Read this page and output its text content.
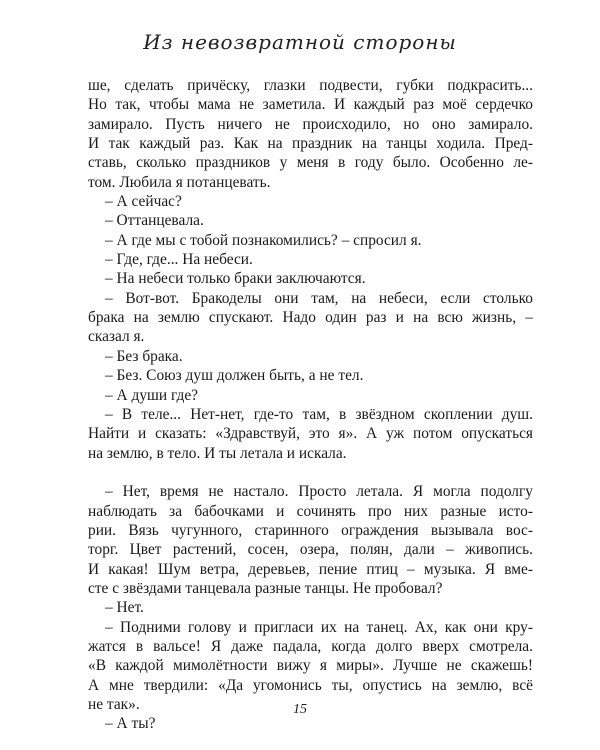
Из невозвратной стороны
ше, сделать причёску, глазки подвести, губки подкрасить...
Но так, чтобы мама не заметила. И каждый раз моё сердечко
замирало. Пусть ничего не происходило, но оно замирало.
И так каждый раз. Как на праздник на танцы ходила. Пред-
ставь, сколько праздников у меня в году было. Особенно ле-
том. Любила я потанцевать.
– А сейчас?
– Оттанцевала.
– А где мы с тобой познакомились? – спросил я.
– Где, где... На небеси.
– На небеси только браки заключаются.
– Вот-вот. Бракоделы они там, на небеси, если столько
брака на землю спускают. Надо один раз и на всю жизнь, –
сказал я.
– Без брака.
– Без. Союз душ должен быть, а не тел.
– А души где?
– В теле... Нет-нет, где-то там, в звёздном скоплении душ.
Найти и сказать: «Здравствуй, это я». А уж потом опускаться
на землю, в тело. И ты летала и искала.
– Нет, время не настало. Просто летала. Я могла подолгу
наблюдать за бабочками и сочинять про них разные исто-
рии. Вязь чугунного, старинного ограждения вызывала вос-
торг. Цвет растений, сосен, озера, полян, дали – живопись.
И какая! Шум ветра, деревьев, пение птиц – музыка. Я вме-
сте с звёздами танцевала разные танцы. Не пробовал?
– Нет.
– Подними голову и пригласи их на танец. Ах, как они кру-
жатся в вальсе! Я даже падала, когда долго вверх смотрела.
«В каждой мимолётности вижу я миры». Лучше не скажешь!
А мне твердили: «Да угомонись ты, опустись на землю, всё
не так».
– А ты?
15
